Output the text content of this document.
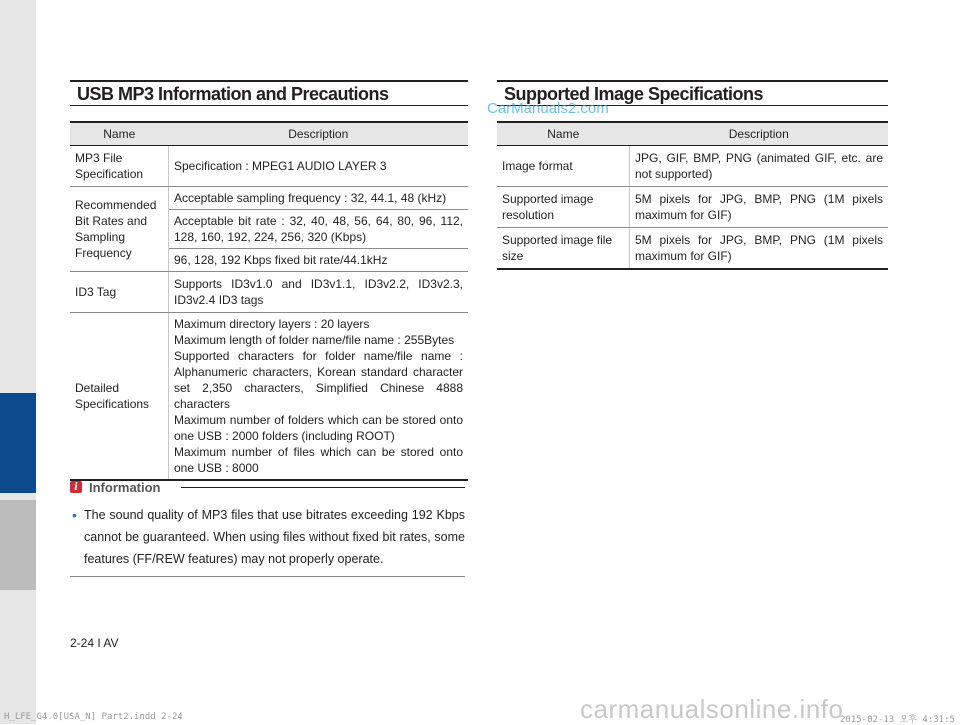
USB MP3 Information and Precautions
Name	Description
MP3 File Specification	Specification : MPEG1 AUDIO LAYER 3
Recommended Bit Rates and Sampling Frequency	Acceptable sampling frequency : 32, 44.1, 48 (kHz)
	Acceptable bit rate : 32, 40, 48, 56, 64, 80, 96, 112, 128, 160, 192, 224, 256, 320 (Kbps)
	96, 128, 192 Kbps fixed bit rate/44.1kHz
ID3 Tag	Supports ID3v1.0 and ID3v1.1, ID3v2.2, ID3v2.3, ID3v2.4 ID3 tags
Detailed Specifications	Maximum directory layers : 20 layers
Maximum length of folder name/file name : 255Bytes
Supported characters for folder name/file name : Alphanumeric characters, Korean standard character set 2,350 characters, Simplified Chinese 4888 characters
Maximum number of folders which can be stored onto one USB : 2000 folders (including ROOT)
Maximum number of files which can be stored onto one USB : 8000
Supported Image Specifications
Name	Description
Image format	JPG, GIF, BMP, PNG (animated GIF, etc. are not supported)
Supported image resolution	5M pixels for JPG, BMP, PNG (1M pixels maximum for GIF)
Supported image file size	5M pixels for JPG, BMP, PNG (1M pixels maximum for GIF)
CarManuals2.com
i Information
• The sound quality of MP3 files that use bitrates exceeding 192 Kbps cannot be guaranteed. When using files without fixed bit rates, some features (FF/REW features) may not properly operate.
2-24 I AV
carmanualsonline.info
H_LFE_G4.0[USA_N] Part2.indd 2-24	2015-02-13 오후 4:31:5
